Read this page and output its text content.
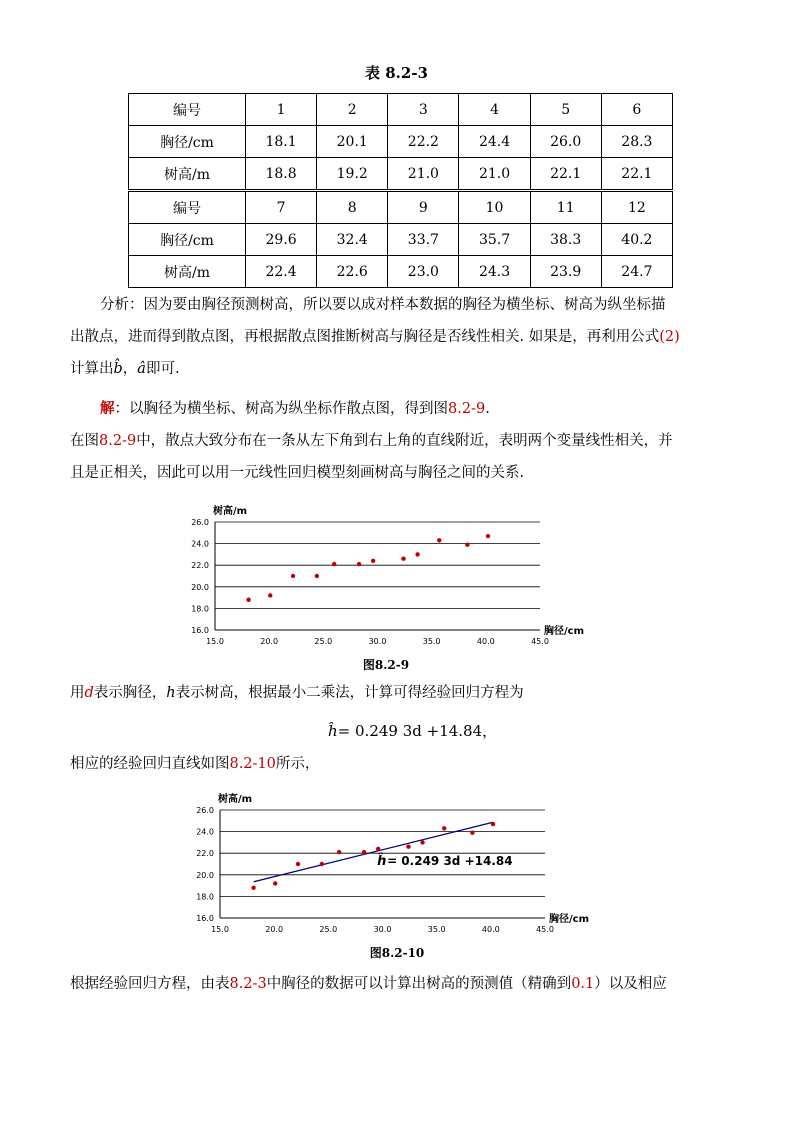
表 8.2-3
编号	1	2	3	4	5	6
胸径/cm	18.1	20.1	22.2	24.4	26.0	28.3
树高/m	18.8	19.2	21.0	21.0	22.1	22.1
编号	7	8	9	10	11	12
胸径/cm	29.6	32.4	33.7	35.7	38.3	40.2
树高/m	22.4	22.6	23.0	24.3	23.9	24.7
分析：因为要由胸径预测树高，所以要以成对样本数据的胸径为横坐标、树高为纵坐标描
出散点，进而得到散点图，再根据散点图推断树高与胸径是否线性相关. 如果是，再利用公式(2)
计算出b̂，â即可.
解：以胸径为横坐标、树高为纵坐标作散点图，得到图8.2-9.
在图8.2-9中，散点大致分布在一条从左下角到右上角的直线附近，表明两个变量线性相关，并
且是正相关，因此可以用一元线性回归模型刻画树高与胸径之间的关系.
16.0
18.0
20.0
22.0
24.0
26.0
15.0	20.0	25.0	30.0	35.0	40.0	45.0
树高/m
胸径/cm
图8.2-9
用d表示胸径，h表示树高，根据最小二乘法，计算可得经验回归方程为
ĥ= 0.249 3d +14.84，
相应的经验回归直线如图8.2-10所示，
16.0
18.0
20.0
22.0
24.0
26.0
15.0	20.0	25.0	30.0	35.0	40.0	45.0
树高/m
胸径/cm
ĥ = 0.249 3d +14.84
图8.2-10
根据经验回归方程，由表8.2-3中胸径的数据可以计算出树高的预测值（精确到0.1）以及相应
